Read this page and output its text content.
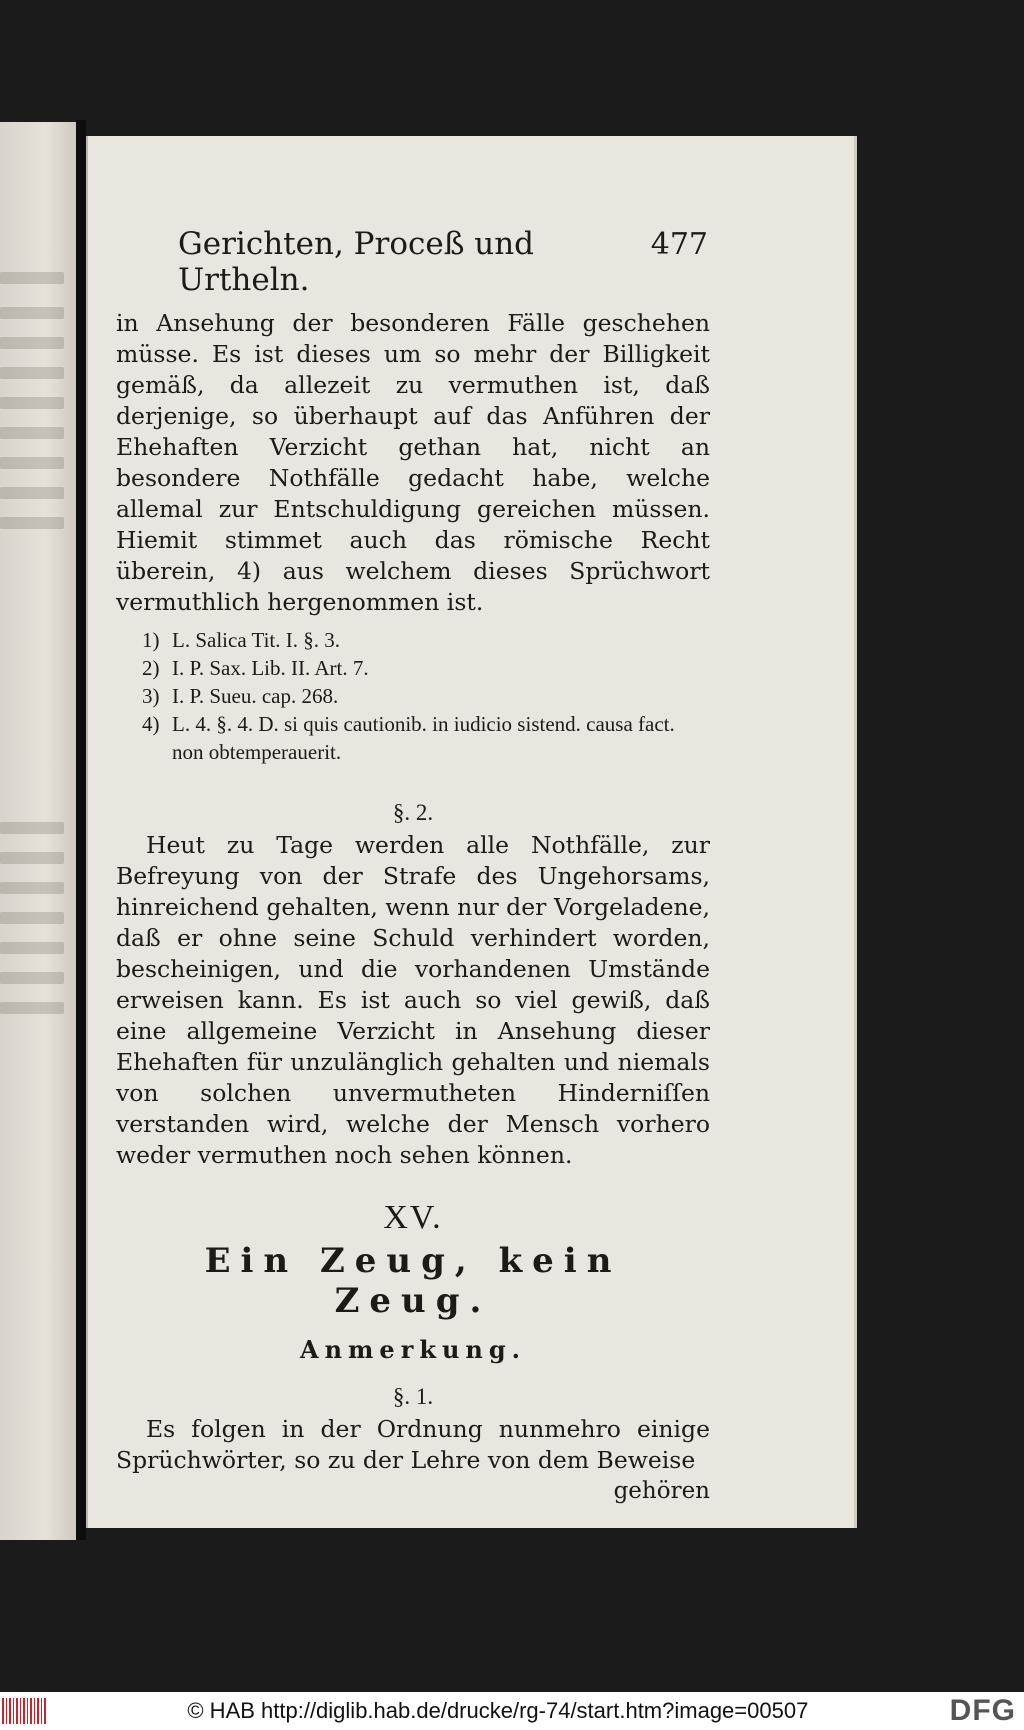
Gerichten, Proceß und Urtheln.
477

in Ansehung der besonderen Fälle geschehen müsse. Es ist dieses um so mehr der Billigkeit gemäß, da allezeit zu vermuthen ist, daß derjenige, so überhaupt auf das Anführen der Ehehaften Verzicht gethan hat, nicht an besondere Nothfälle gedacht habe, welche allemal zur Entschuldigung gereichen müssen. Hiemit stimmet auch das römische Recht überein, 4) aus welchem dieses Sprüchwort vermuthlich hergenommen ist.

1) L. Salica Tit. I. §. 3.
2) I. P. Sax. Lib. II. Art. 7.
3) I. P. Sueu. cap. 268.
4) L. 4. §. 4. D. si quis cautionib. in iudicio sistend. causa fact. non obtemperauerit.
§. 2.

Heut zu Tage werden alle Nothfälle, zur Befreyung von der Strafe des Ungehorsams, hinreichend gehalten, wenn nur der Vorgeladene, daß er ohne seine Schuld verhindert worden, bescheinigen, und die vorhandenen Umstände erweisen kann. Es ist auch so viel gewiß, daß eine allgemeine Verzicht in Ansehung dieser Ehehaften für unzulänglich gehalten und niemals von solchen unvermutheten Hinderniſſen verstanden wird, welche der Mensch vorhero weder vermuthen noch sehen können.

XV.
Ein Zeug, kein Zeug.
Anmerkung.
§. 1.

Es folgen in der Ordnung nunmehro einige Sprüchwörter, so zu der Lehre von dem Beweise

gehören
© HAB http://diglib.hab.de/drucke/rg-74/start.htm?image=00507	DFG
